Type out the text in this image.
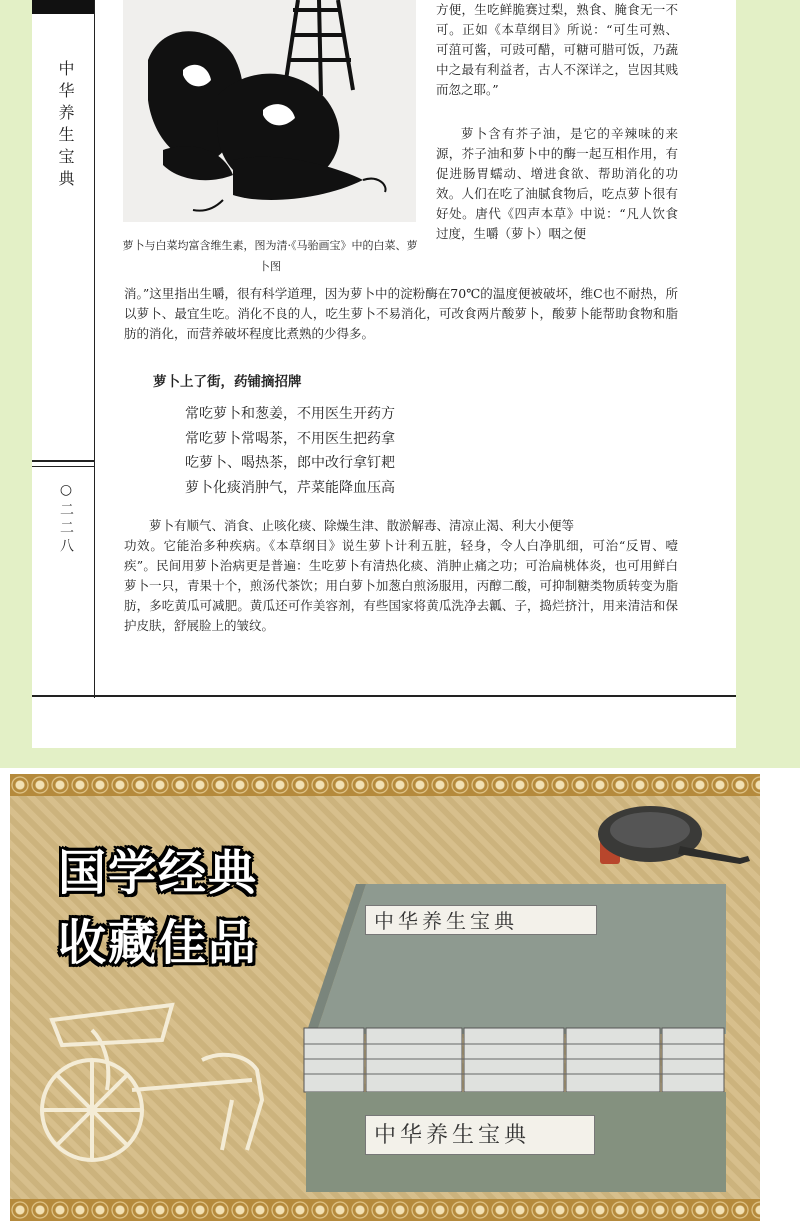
中华养生宝典
○二二八
萝卜与白菜均富含维生素，图为清·《马骀画宝》中的白菜、萝卜图

方便，生吃鲜脆赛过梨，熟食、腌食无一不可。正如《本草纲目》所说：“可生可熟、可菹可酱，可豉可醋，可糖可腊可饭，乃蔬中之最有利益者，古人不深详之，岂因其贱而忽之耶。”

萝卜含有芥子油，是它的辛辣味的来源，芥子油和萝卜中的酶一起互相作用，有促进肠胃蠕动、增进食欲、帮助消化的功效。人们在吃了油腻食物后，吃点萝卜很有好处。唐代《四声本草》中说：“凡人饮食过度，生嚼（萝卜）咽之便

消。”这里指出生嚼，很有科学道理，因为萝卜中的淀粉酶在70℃的温度便被破坏，维C也不耐热，所以萝卜、最宜生吃。消化不良的人，吃生萝卜不易消化，可改食两片酸萝卜，酸萝卜能帮助食物和脂肪的消化，而营养破坏程度比煮熟的少得多。

萝卜上了街，药铺摘招牌
常吃萝卜和葱姜，不用医生开药方
常吃萝卜常喝茶，不用医生把药拿
吃萝卜、喝热茶，郎中改行拿钉耙
萝卜化痰消肿气，芹菜能降血压高

萝卜有顺气、消食、止咳化痰、除燥生津、散淤解毒、清凉止渴、利大小便等

功效。它能治多种疾病。《本草纲目》说生萝卜计利五脏，轻身，令人白净肌细，可治“反胃、噎疾”。民间用萝卜治病更是普遍：生吃萝卜有清热化痰、消肿止痛之功；可治扁桃体炎，也可用鲜白萝卜一只，青果十个，煎汤代茶饮；用白萝卜加葱白煎汤服用，丙醇二酸，可抑制糖类物质转变为脂肪，多吃黄瓜可减肥。黄瓜还可作美容剂，有些国家将黄瓜洗净去瓤、子，捣烂挤汁，用来清洁和保护皮肤，舒展脸上的皱纹。

国学经典
收藏佳品	中华养生宝典
中华养生宝典
